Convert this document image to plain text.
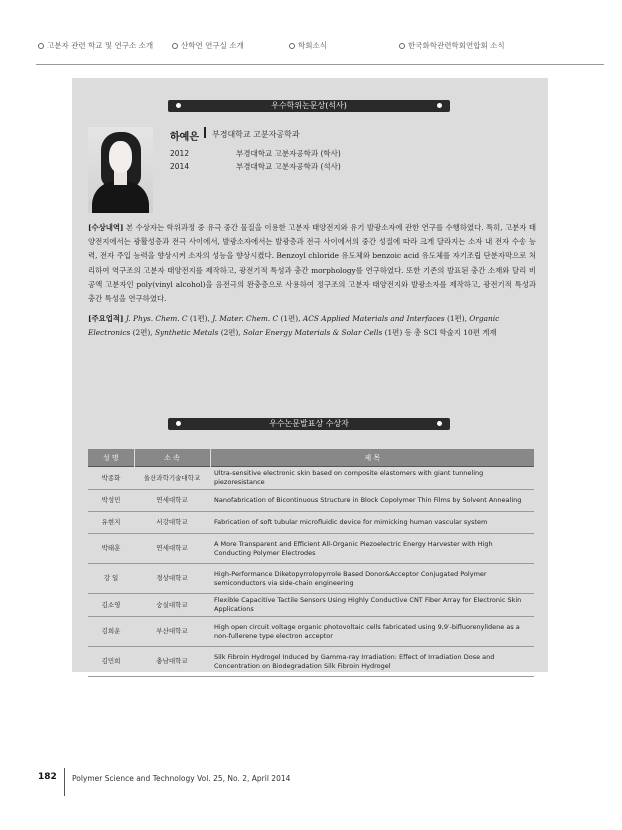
고분자 관련 학교 및 연구소 소개	산학연 연구실 소개	학회소식	한국화학관련학회연합회 소식
우수학위논문상(석사)
하예은 부경대학교 고분자공학과
2012	부경대학교 고분자공학과 (학사)
2014	부경대학교 고분자공학과 (석사)
[수상내역] 본 수상자는 학위과정 중 유극 중간 물질을 이용한 고분자 태양전지와 유기 발광소자에 관한 연구를 수행하였다. 특히, 고분자 태양전지에서는 광활성층과 전극 사이에서, 발광소자에서는 발광층과 전극 사이에서의 중간 성질에 따라 크게 달라지는 소자 내 전자 수송 능력, 전자 주입 능력을 향상시켜 소자의 성능을 향상시켰다. Benzoyl chloride 유도체와 benzoic acid 유도체를 자기조립 단분자막으로 처리하여 역구조의 고분자 태양전지를 제작하고, 광전기적 특성과 충간 morphology를 연구하였다. 또한 기존의 발표된 충간 소재와 달리 비 공액 고분자인 poly(vinyl alcohol)을 음전극의 완충층으로 사용하여 정구조의 고분자 태양전지와 발광소자를 제작하고, 광전기적 특성과 충간 특성을 연구하였다.
[주요업적] J. Phys. Chem. C (1편), J. Mater. Chem. C (1편), ACS Applied Materials and Interfaces (1편), Organic Electronics (2편), Synthetic Metals (2편), Solar Energy Materials & Solar Cells (1편) 등 총 SCI 학술지 10편 게재
우수논문발표상 수상자
성 명	소 속	제 목
박종화	울산과학기술대학교	Ultra-sensitive electronic skin based on composite elastomers with giant tunneling piezoresistance
박성민	연세대학교	Nanofabrication of Bicontinuous Structure in Block Copolymer Thin Films by Solvent Annealing
유현지	서강대학교	Fabrication of soft tubular microfluidic device for mimicking human vascular system
박태훈	연세대학교	A More Transparent and Efficient All-Organic Piezoelectric Energy Harvester with High Conducting Polymer Electrodes
강 일	경상대학교	High-Performance Diketopyrrolopyrrole Based Donor&Acceptor Conjugated Polymer semiconductors via side-chain engineering
김소영	숭실대학교	Flexible Capacitive Tactile Sensors Using Highly Conductive CNT Fiber Array for Electronic Skin Applications
김희운	부산대학교	High open circuit voltage organic photovoltaic cells fabricated using 9,9′-bifluorenylidene as a non-fullerene type electron acceptor
김민희	충남대학교	Silk Fibroin Hydrogel Induced by Gamma-ray Irradiation: Effect of Irradiation Dose and Concentration on Biodegradation Silk Fibroin Hydrogel
182 Polymer Science and Technology Vol. 25, No. 2, April 2014
